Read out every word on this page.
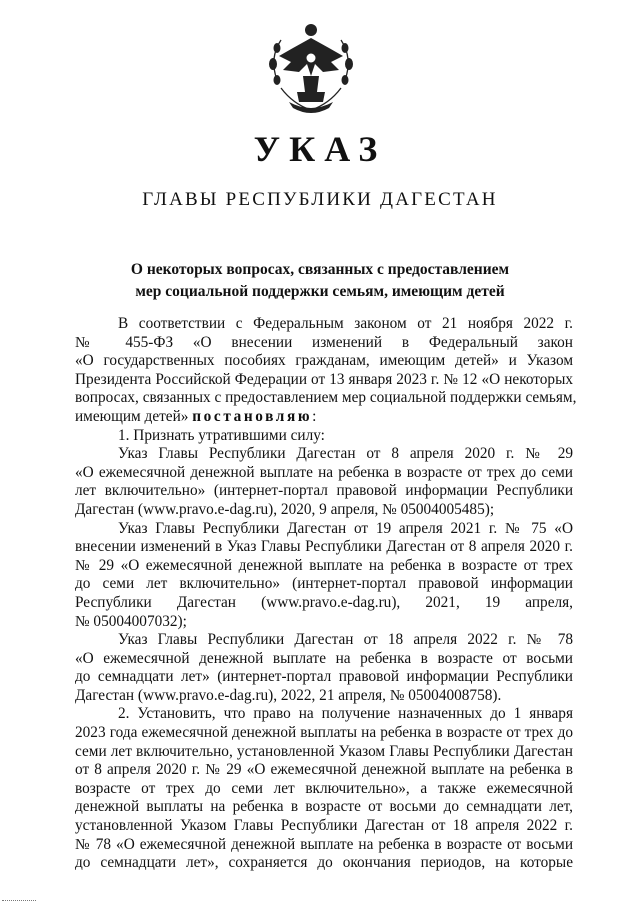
УКАЗ
ГЛАВЫ РЕСПУБЛИКИ ДАГЕСТАН
О некоторых вопросах, связанных с предоставлением
мер социальной поддержки семьям, имеющим детей
В соответствии с Федеральным законом от 21 ноября 2022 г.
№ 455-ФЗ «О внесении изменений в Федеральный закон
«О государственных пособиях гражданам, имеющим детей» и Указом
Президента Российской Федерации от 13 января 2023 г. № 12 «О некоторых
вопросах, связанных с предоставлением мер социальной поддержки семьям,
имеющим детей» постановляю:
1. Признать утратившими силу:
Указ Главы Республики Дагестан от 8 апреля 2020 г. № 29
«О ежемесячной денежной выплате на ребенка в возрасте от трех до семи
лет включительно» (интернет-портал правовой информации Республики
Дагестан (www.pravo.e-dag.ru), 2020, 9 апреля, № 05004005485);
Указ Главы Республики Дагестан от 19 апреля 2021 г. № 75 «О
внесении изменений в Указ Главы Республики Дагестан от 8 апреля 2020 г.
№ 29 «О ежемесячной денежной выплате на ребенка в возрасте от трех
до семи лет включительно» (интернет-портал правовой информации
Республики Дагестан (www.pravo.e-dag.ru), 2021, 19 апреля,
№ 05004007032);
Указ Главы Республики Дагестан от 18 апреля 2022 г. № 78
«О ежемесячной денежной выплате на ребенка в возрасте от восьми
до семнадцати лет» (интернет-портал правовой информации Республики
Дагестан (www.pravo.e-dag.ru), 2022, 21 апреля, № 05004008758).
2. Установить, что право на получение назначенных до 1 января
2023 года ежемесячной денежной выплаты на ребенка в возрасте от трех до
семи лет включительно, установленной Указом Главы Республики Дагестан
от 8 апреля 2020 г. № 29 «О ежемесячной денежной выплате на ребенка в
возрасте от трех до семи лет включительно», а также ежемесячной
денежной выплаты на ребенка в возрасте от восьми до семнадцати лет,
установленной Указом Главы Республики Дагестан от 18 апреля 2022 г.
№ 78 «О ежемесячной денежной выплате на ребенка в возрасте от восьми
до семнадцати лет», сохраняется до окончания периодов, на которые
